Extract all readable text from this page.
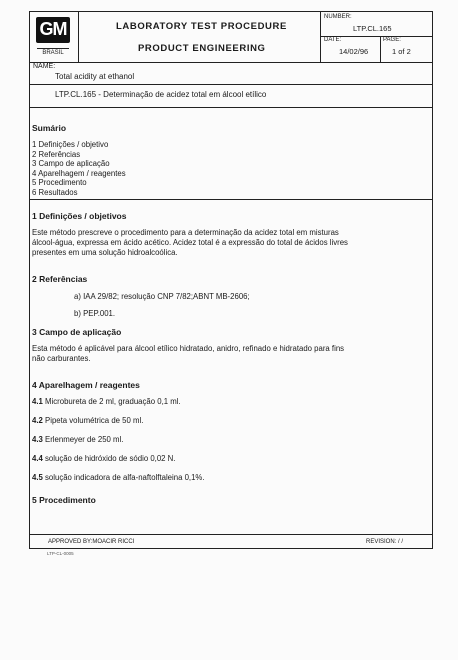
GM
BRASIL
LABORATORY TEST PROCEDURE
PRODUCT ENGINEERING
NUMBER:
LTP.CL.165
DATE:
14/02/96
PAGE:
1 of 2
NAME:
Total acidity at ethanol
LTP.CL.165 - Determinação de acidez total em álcool etílico
Sumário
1 Definições / objetivo
2 Referências
3 Campo de aplicação
4 Aparelhagem / reagentes
5 Procedimento
6 Resultados
1 Definições / objetivos
Este método prescreve o procedimento para a determinação da acidez total em misturas
álcool-água, expressa em ácido acético. Acidez total é a expressão do total de ácidos livres
presentes em uma solução hidroalcoólica.
2 Referências
a) IAA 29/82; resolução CNP 7/82;ABNT MB-2606;
b) PEP.001.
3 Campo de aplicação
Esta método é aplicável para álcool etílico hidratado, anidro, refinado e hidratado para fins
não carburantes.
4 Aparelhagem / reagentes
4.1 Microbureta de 2 ml, graduação 0,1 ml.
4.2 Pipeta volumétrica de 50 ml.
4.3 Erlenmeyer de 250 ml.
4.4 solução de hidróxido de sódio 0,02 N.
4.5 solução indicadora de alfa-naftolftaleina 0,1%.
5 Procedimento
APPROVED BY:MOACIR RICCI	REVISION: / /
LTP-CL-0005
